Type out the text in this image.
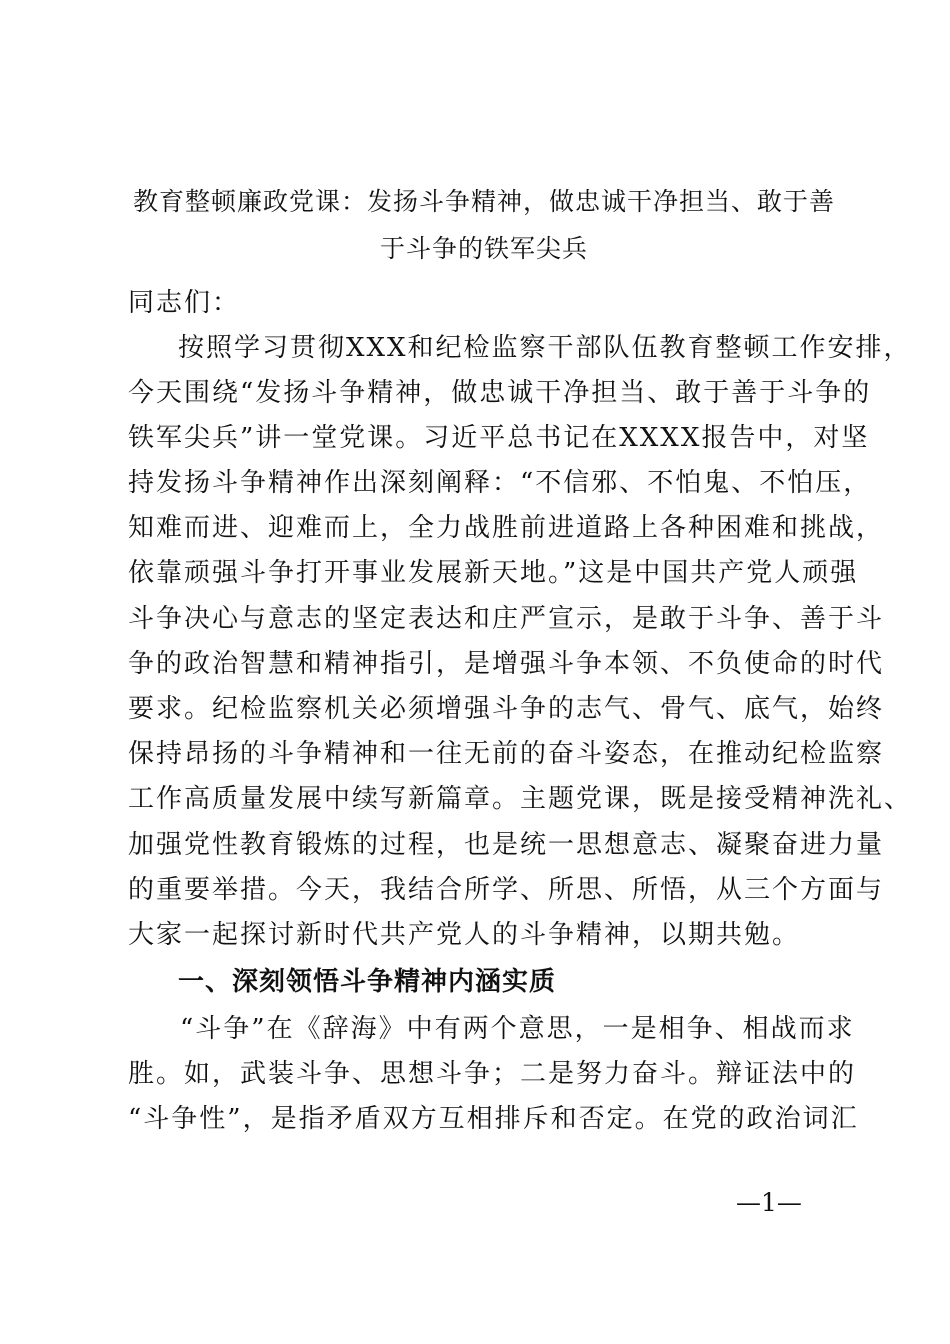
教育整顿廉政党课：发扬斗争精神，做忠诚干净担当、敢于善
于斗争的铁军尖兵
同志们：
按照学习贯彻XXX和纪检监察干部队伍教育整顿工作安排，
今天围绕“发扬斗争精神，做忠诚干净担当、敢于善于斗争的
铁军尖兵”讲一堂党课。习近平总书记在XXXX报告中，对坚
持发扬斗争精神作出深刻阐释：“不信邪、不怕鬼、不怕压，
知难而进、迎难而上，全力战胜前进道路上各种困难和挑战，
依靠顽强斗争打开事业发展新天地。”这是中国共产党人顽强
斗争决心与意志的坚定表达和庄严宣示，是敢于斗争、善于斗
争的政治智慧和精神指引，是增强斗争本领、不负使命的时代
要求。纪检监察机关必须增强斗争的志气、骨气、底气，始终
保持昂扬的斗争精神和一往无前的奋斗姿态，在推动纪检监察
工作高质量发展中续写新篇章。主题党课，既是接受精神洗礼、
加强党性教育锻炼的过程，也是统一思想意志、凝聚奋进力量
的重要举措。今天，我结合所学、所思、所悟，从三个方面与
大家一起探讨新时代共产党人的斗争精神，以期共勉。
一、深刻领悟斗争精神内涵实质
“斗争”在《辞海》中有两个意思，一是相争、相战而求
胜。如，武装斗争、思想斗争；二是努力奋斗。辩证法中的
“斗争性”，是指矛盾双方互相排斥和否定。在党的政治词汇
—1—
